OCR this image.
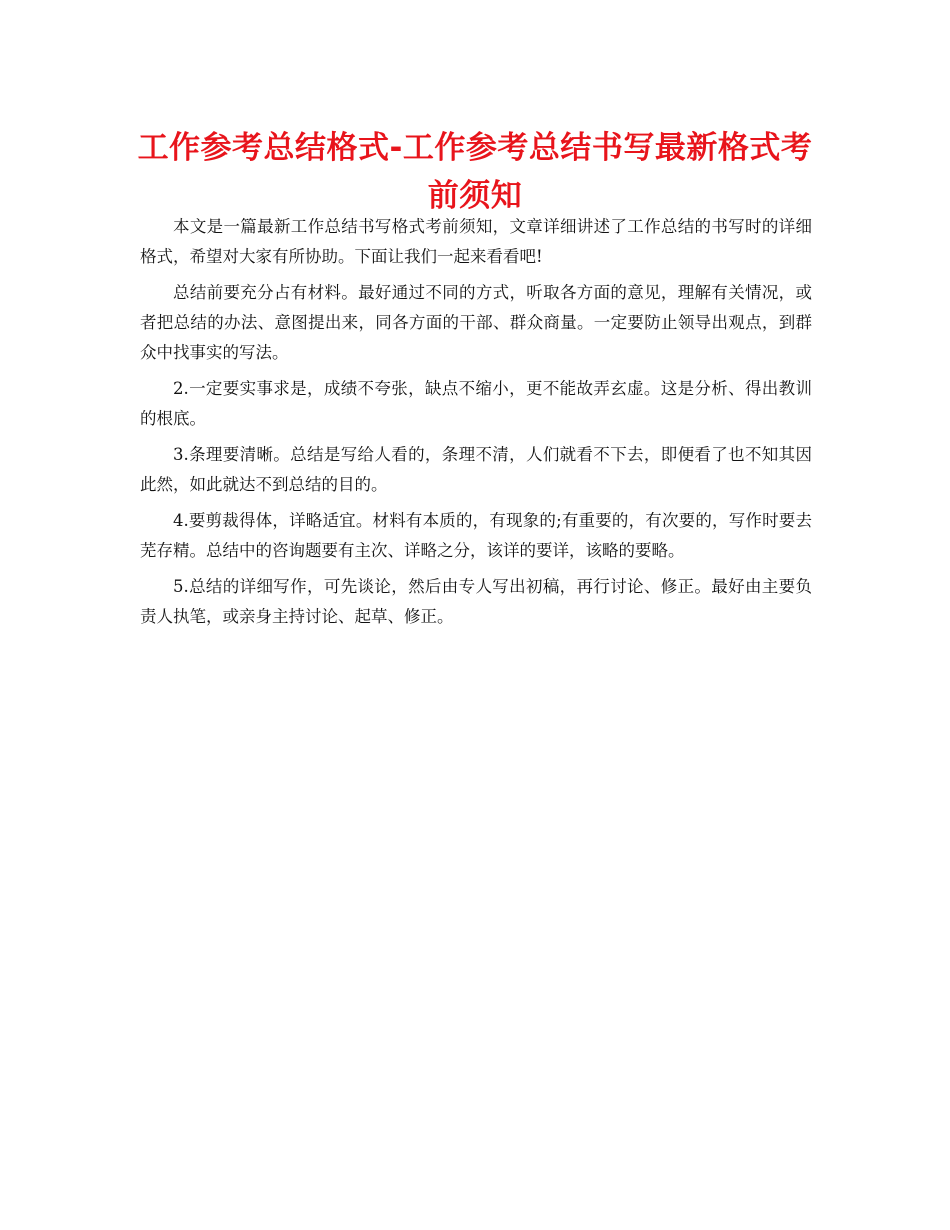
工作参考总结格式-工作参考总结书写最新格式考前须知

本文是一篇最新工作总结书写格式考前须知，文章详细讲述了工作总结的书写时的详细格式，希望对大家有所协助。下面让我们一起来看看吧!

总结前要充分占有材料。最好通过不同的方式，听取各方面的意见，理解有关情况，或者把总结的办法、意图提出来，同各方面的干部、群众商量。一定要防止领导出观点，到群众中找事实的写法。

2.一定要实事求是，成绩不夸张，缺点不缩小，更不能故弄玄虚。这是分析、得出教训的根底。

3.条理要清晰。总结是写给人看的，条理不清，人们就看不下去，即便看了也不知其因此然，如此就达不到总结的目的。

4.要剪裁得体，详略适宜。材料有本质的，有现象的;有重要的，有次要的，写作时要去芜存精。总结中的咨询题要有主次、详略之分，该详的要详，该略的要略。

5.总结的详细写作，可先谈论，然后由专人写出初稿，再行讨论、修正。最好由主要负责人执笔，或亲身主持讨论、起草、修正。
